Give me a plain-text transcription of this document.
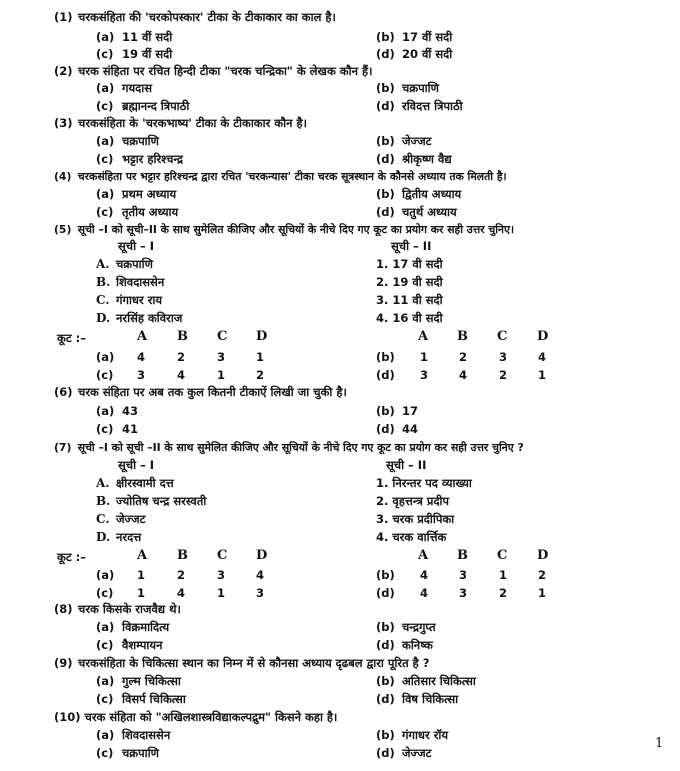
(1) चरकसंहिता की 'चरकोपस्कार' टीका के टीकाकार का काल है।
(a) 11 वीं सदी	(b) 17 वीं सदी
(c) 19 वीं सदी	(d) 20 वीं सदी
(2) चरक संहिता पर रचित हिन्दी टीका "चरक चन्द्रिका" के लेखक कौन हैं।
(a) गयदास	(b) चक्रपाणि
(c) ब्रह्मानन्द त्रिपाठी	(d) रविदत्त त्रिपाठी
(3) चरकसंहिता के 'चरकभाष्य' टीका के टीकाकार कौन है।
(a) चक्रपाणि	(b) जेज्जट
(c) भट्टार हरिश्चन्द्र	(d) श्रीकृष्ण वैद्य
(4) चरकसंहिता पर भट्टार हरिश्चन्द्र द्वारा रचित 'चरकन्यास' टीका चरक सूत्रस्थान के कौनसे अध्याय तक मिलती है।
(a) प्रथम अध्याय	(b) द्वितीय अध्याय
(c) तृतीय अध्याय	(d) चतुर्थ अध्याय
(5) सूची –I को सूची–II के साथ सुमेलित कीजिए और सूचियों के नीचे दिए गए कूट का प्रयोग कर सही उत्तर चुनिए।
सूची – I	सूची – II
A. चक्रपाणि	1. 17 वी सदी
B. शिवदाससेन	2. 19 वी सदी
C. गंगाधर राय	3. 11 वी सदी
D. नरसिंह कविराज	4. 16 वी सदी
कूट :–	A B C D	A B C D
(a) 4	2	3	1	(b) 1	2	3	4
(c) 3	4	1	2	(d) 3	4	2	1
(6) चरक संहिता पर अब तक कुल कितनी टीकाऐं लिखी जा चुकी है।
(a) 43	(b) 17
(c) 41	(d) 44
(7) सूची –I को सूची –II के साथ सुमेलित कीजिए और सूचियों के नीचे दिए गए कूट का प्रयोग कर सही उत्तर चुनिए ?
सूची – I	सूची – II
A. क्षीरस्वामी दत्त	1. निरन्तर पद व्याख्या
B. ज्योतिष चन्द्र सरस्वती	2. वृहत्तन्त्र प्रदीप
C. जेज्जट	3. चरक प्रदीपिका
D. नरदत्त	4. चरक वार्त्तिक
कूट :–	A B C D	A B C D
(a) 1	2	3	4	(b) 4	3	1	2
(c) 1	4	1	3	(d) 4	3	2	1
(8) चरक किसके राजवैद्य थे।
(a) विक्रमादित्य	(b) चन्द्रगुप्त
(c) वैशम्पायन	(d) कनिष्क
(9) चरकसंहिता के चिकित्सा स्थान का निम्न में से कौनसा अध्याय दृढबल द्वारा पूरित है ?
(a) गुल्म चिकित्सा	(b) अतिसार चिकित्सा
(c) विसर्प चिकित्सा	(d) विष चिकित्सा
(10) चरक संहिता को "अखिलशास्त्रविद्याकल्पद्रुम" किसने कहा है।
(a) शिवदाससेन	(b) गंगाधर रॉय
(c) चक्रपाणि	(d) जेज्जट
1
